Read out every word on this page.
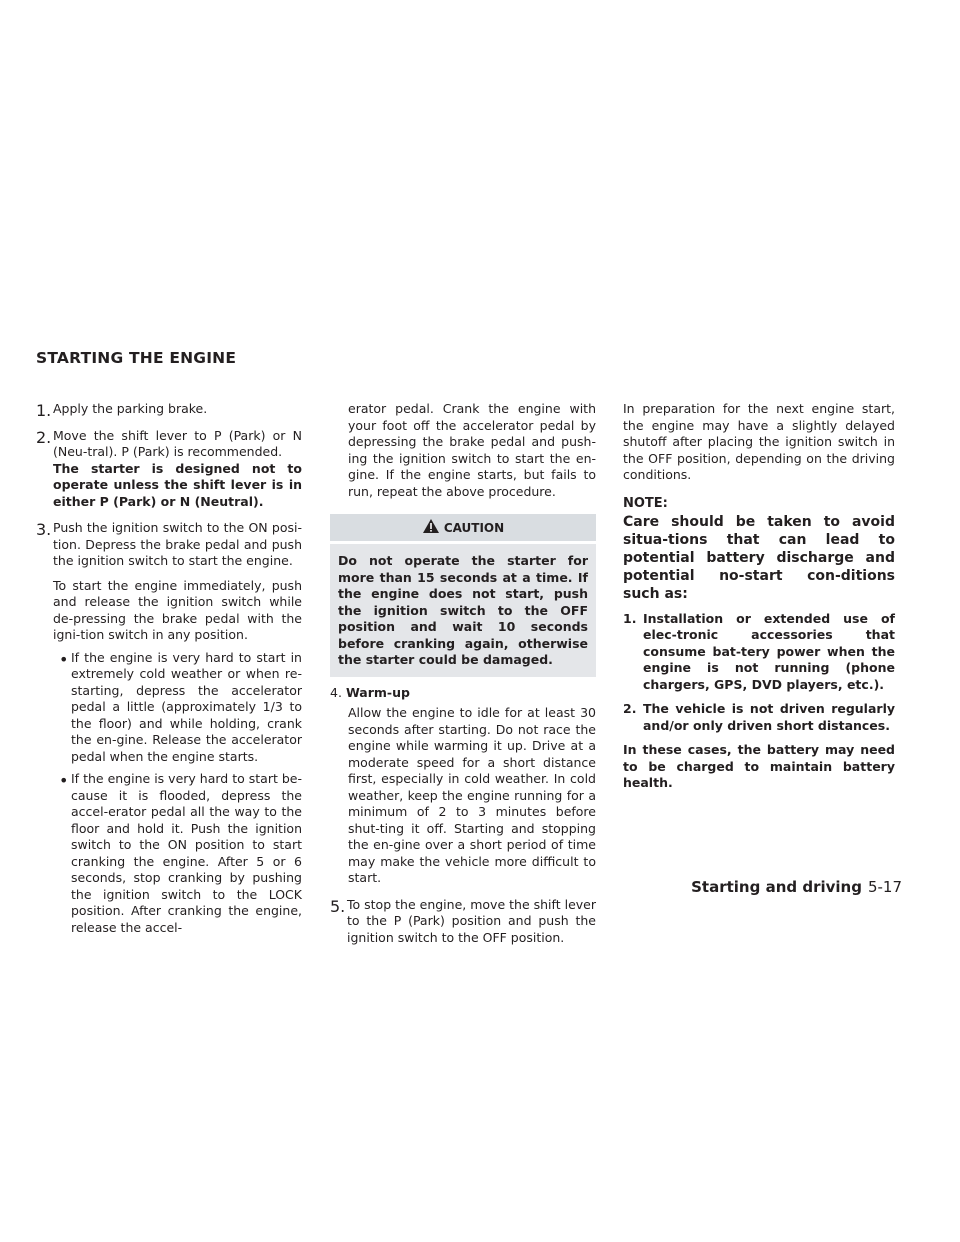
STARTING THE ENGINE
1. Apply the parking brake.

2. Move the shift lever to P (Park) or N (Neu-tral). P (Park) is recommended.

The starter is designed not to operate unless the shift lever is in either P (Park) or N (Neutral).

3. Push the ignition switch to the ON posi-tion. Depress the brake pedal and push the ignition switch to start the engine.

To start the engine immediately, push and release the ignition switch while de-pressing the brake pedal with the igni-tion switch in any position.

• If the engine is very hard to start in extremely cold weather or when re-starting, depress the accelerator pedal a little (approximately 1/3 to the floor) and while holding, crank the en-gine. Release the accelerator pedal when the engine starts.

• If the engine is very hard to start be-cause it is flooded, depress the accel-erator pedal all the way to the floor and hold it. Push the ignition switch to the ON position to start cranking the engine. After 5 or 6 seconds, stop cranking by pushing the ignition switch to the LOCK position. After cranking the engine, release the accel-

erator pedal. Crank the engine with your foot off the accelerator pedal by depressing the brake pedal and push-ing the ignition switch to start the en-gine. If the engine starts, but fails to run, repeat the above procedure.

CAUTION

Do not operate the starter for more than 15 seconds at a time. If the engine does not start, push the ignition switch to the OFF position and wait 10 seconds before cranking again, otherwise the starter could be damaged.

4. Warm-up

Allow the engine to idle for at least 30 seconds after starting. Do not race the engine while warming it up. Drive at a moderate speed for a short distance first, especially in cold weather. In cold weather, keep the engine running for a minimum of 2 to 3 minutes before shut-ting it off. Starting and stopping the en-gine over a short period of time may make the vehicle more difficult to start.

5. To stop the engine, move the shift lever to the P (Park) position and push the ignition switch to the OFF position.

In preparation for the next engine start, the engine may have a slightly delayed shutoff after placing the ignition switch in the OFF position, depending on the driving conditions.

NOTE:
Care should be taken to avoid situa-tions that can lead to potential battery discharge and potential no-start con-ditions such as:
1. Installation or extended use of elec-tronic accessories that consume bat-tery power when the engine is not running (phone chargers, GPS, DVD players, etc.).

2. The vehicle is not driven regularly and/or only driven short distances.

In these cases, the battery may need to be charged to maintain battery health.

Starting and driving 5-17
